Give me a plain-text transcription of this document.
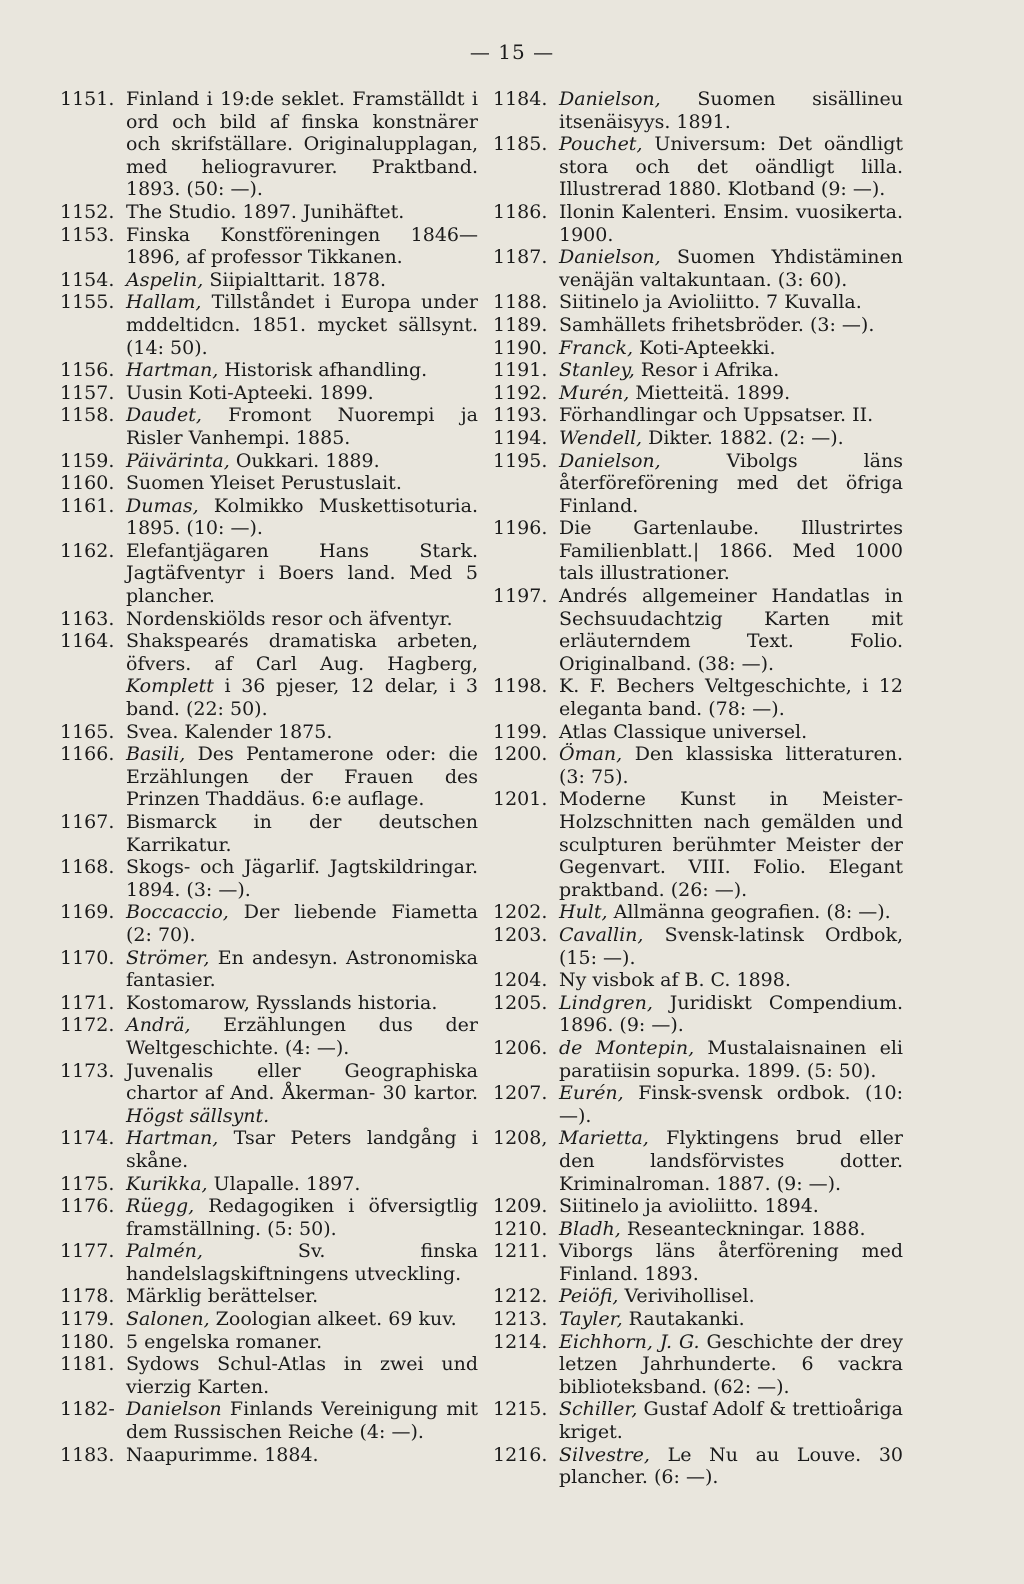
— 15 —
1151. Finland i 19:de seklet. Framställdt i ord och bild af finska konstnärer och skrifställare. Originalupplagan, med heliogravurer. Praktband. 1893. (50: —).
1152. The Studio. 1897. Junihäftet.
1153. Finska Konstföreningen 1846—1896, af professor Tikkanen.
1154. Aspelin, Siipialttarit. 1878.
1155. Hallam, Tillståndet i Europa under mddeltidcn. 1851. mycket sällsynt. (14: 50).
1156. Hartman, Historisk afhandling.
1157. Uusin Koti-Apteeki. 1899.
1158. Daudet, Fromont Nuorempi ja Risler Vanhempi. 1885.
1159. Päivärinta, Oukkari. 1889.
1160. Suomen Yleiset Perustuslait.
1161. Dumas, Kolmikko Muskettisoturia. 1895. (10: —).
1162. Elefantjägaren Hans Stark. Jagtäfventyr i Boers land. Med 5 plancher.
1163. Nordenskiölds resor och äfventyr.
1164. Shakspearés dramatiska arbeten, öfvers. af Carl Aug. Hagberg, Komplett i 36 pjeser, 12 delar, i 3 band. (22: 50).
1165. Svea. Kalender 1875.
1166. Basili, Des Pentamerone oder: die Erzählungen der Frauen des Prinzen Thaddäus. 6:e auflage.
1167. Bismarck in der deutschen Karrikatur.
1168. Skogs- och Jägarlif. Jagtskildringar. 1894. (3: —).
1169. Boccaccio, Der liebende Fiametta (2: 70).
1170. Strömer, En andesyn. Astronomiska fantasier.
1171. Kostomarow, Rysslands historia.
1172. Andrä, Erzählungen dus der Weltgeschichte. (4: —).
1173. Juvenalis eller Geographiska chartor af And. Åkerman- 30 kartor. Högst sällsynt.
1174. Hartman, Tsar Peters landgång i skåne.
1175. Kurikka, Ulapalle. 1897.
1176. Rüegg, Redagogiken i öfversigtlig framställning. (5: 50).
1177. Palmén,	Sv. finska handelslagskiftningens utveckling.
1178. Märklig berättelser.
1179. Salonen, Zoologian alkeet. 69 kuv.
1180. 5 engelska romaner.
1181. Sydows Schul-Atlas in zwei und vierzig Karten.
1182- Danielson Finlands Vereinigung mit dem Russischen Reiche (4: —).
1183. Naapurimme. 1884.
1184. Danielson, Suomen sisällineu itsenäisyys. 1891.
1185. Pouchet, Universum: Det oändligt stora och det oändligt lilla. Illustrerad 1880. Klotband (9: —).
1186. Ilonin Kalenteri. Ensim. vuosikerta. 1900.
1187. Danielson, Suomen Yhdistäminen venäjän valtakuntaan. (3: 60).
1188. Siitinelo ja Avioliitto. 7 Kuvalla.
1189. Samhällets frihetsbröder. (3: —).
1190. Franck, Koti-Apteekki.
1191. Stanley, Resor i Afrika.
1192. Murén, Mietteitä. 1899.
1193. Förhandlingar och Uppsatser. II.
1194. Wendell, Dikter. 1882. (2: —).
1195. Danielson,	Vibolgs läns återföreförening med det öfriga Finland.
1196. Die Gartenlaube. Illustrirtes Familienblatt.| 1866. Med 1000 tals illustrationer.
1197. Andrés allgemeiner Handatlas in Sechsuudachtzig Karten mit erläuterndem Text. Folio. Originalband. (38: —).
1198. K. F. Bechers Veltgeschichte, i 12 eleganta band. (78: —).
1199. Atlas Classique universel.
1200. Öman, Den klassiska litteraturen. (3: 75).
1201. Moderne Kunst in Meister-Holzschnitten nach gemälden und sculpturen berühmter Meister der Gegenvart. VIII. Folio. Elegant praktband. (26: —).
1202. Hult, Allmänna geografien. (8: —).
1203. Cavallin, Svensk-latinsk Ordbok, (15: —).
1204. Ny visbok af B. C. 1898.
1205. Lindgren, Juridiskt Compendium. 1896. (9: —).
1206. de Montepin, Mustalaisnainen eli paratiisin sopurka. 1899. (5: 50).
1207. Eurén, Finsk-svensk ordbok. (10: —).
1208, Marietta, Flyktingens brud eller den landsförvistes dotter. Kriminalroman. 1887. (9: —).
1209. Siitinelo ja avioliitto. 1894.
1210. Bladh, Reseanteckningar. 1888.
1211. Viborgs läns återförening med Finland. 1893.
1212. Peiöfi, Verivihollisel.
1213. Tayler, Rautakanki.
1214. Eichhorn, J. G. Geschichte der drey letzen Jahrhunderte. 6 vackra biblioteksband. (62: —).
1215. Schiller, Gustaf Adolf & trettioåriga kriget.
1216. Silvestre, Le Nu au Louve. 30 plancher. (6: —).
